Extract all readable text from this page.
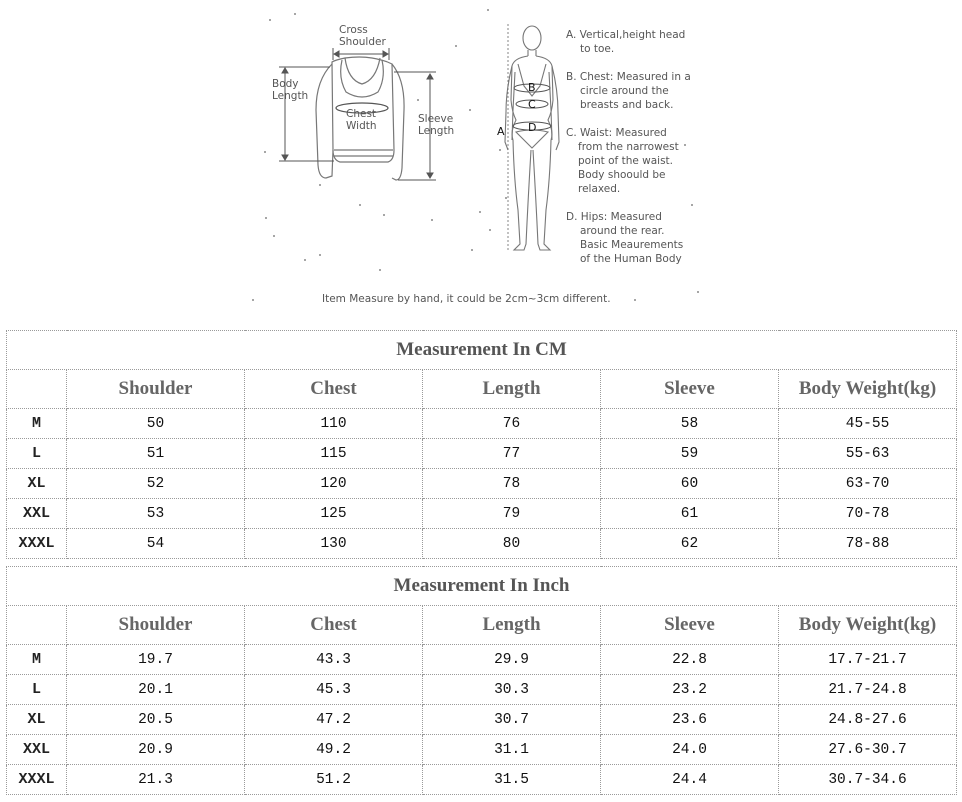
Cross
Shoulder
Body
Length
Chest
Width
Sleeve
Length	A
B
C
D
A. Vertical,height head
to toe.
B. Chest: Measured in a
circle around the
breasts and back.
C. Waist: Measured
from the narrowest
point of the waist.
Body shoould be
relaxed.
D. Hips: Measured
around the rear.
Basic Meaurements
of the Human Body
Item Measure by hand, it could be 2cm~3cm different.
Measurement In CM					
	Shoulder	Chest	Length	Sleeve	Body Weight(kg)
M	50	110	76	58	45-55
L	51	115	77	59	55-63
XL	52	120	78	60	63-70
XXL	53	125	79	61	70-78
XXXL	54	130	80	62	78-88
Measurement In Inch					
	Shoulder	Chest	Length	Sleeve	Body Weight(kg)
M	19.7	43.3	29.9	22.8	17.7-21.7
L	20.1	45.3	30.3	23.2	21.7-24.8
XL	20.5	47.2	30.7	23.6	24.8-27.6
XXL	20.9	49.2	31.1	24.0	27.6-30.7
XXXL	21.3	51.2	31.5	24.4	30.7-34.6
